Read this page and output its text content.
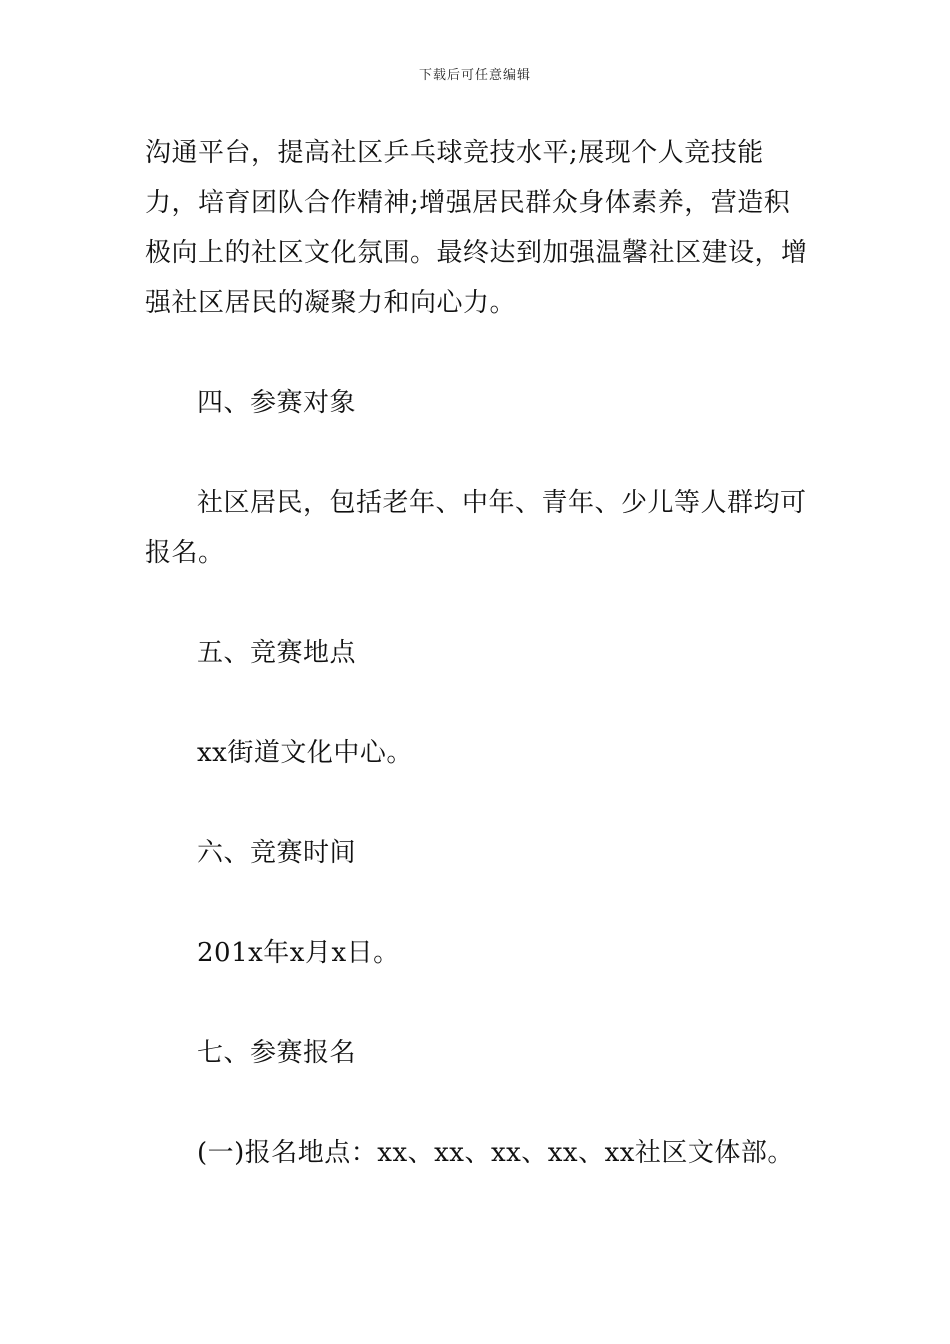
下载后可任意编辑

沟通平台，提高社区乒乓球竞技水平;展现个人竞技能力，培育团队合作精神;增强居民群众身体素养，营造积极向上的社区文化氛围。最终达到加强温馨社区建设，增强社区居民的凝聚力和向心力。

四、参赛对象

社区居民，包括老年、中年、青年、少儿等人群均可报名。

五、竞赛地点

xx街道文化中心。

六、竞赛时间

201x年x月x日。

七、参赛报名

(一)报名地点：xx、xx、xx、xx、xx社区文体部。
